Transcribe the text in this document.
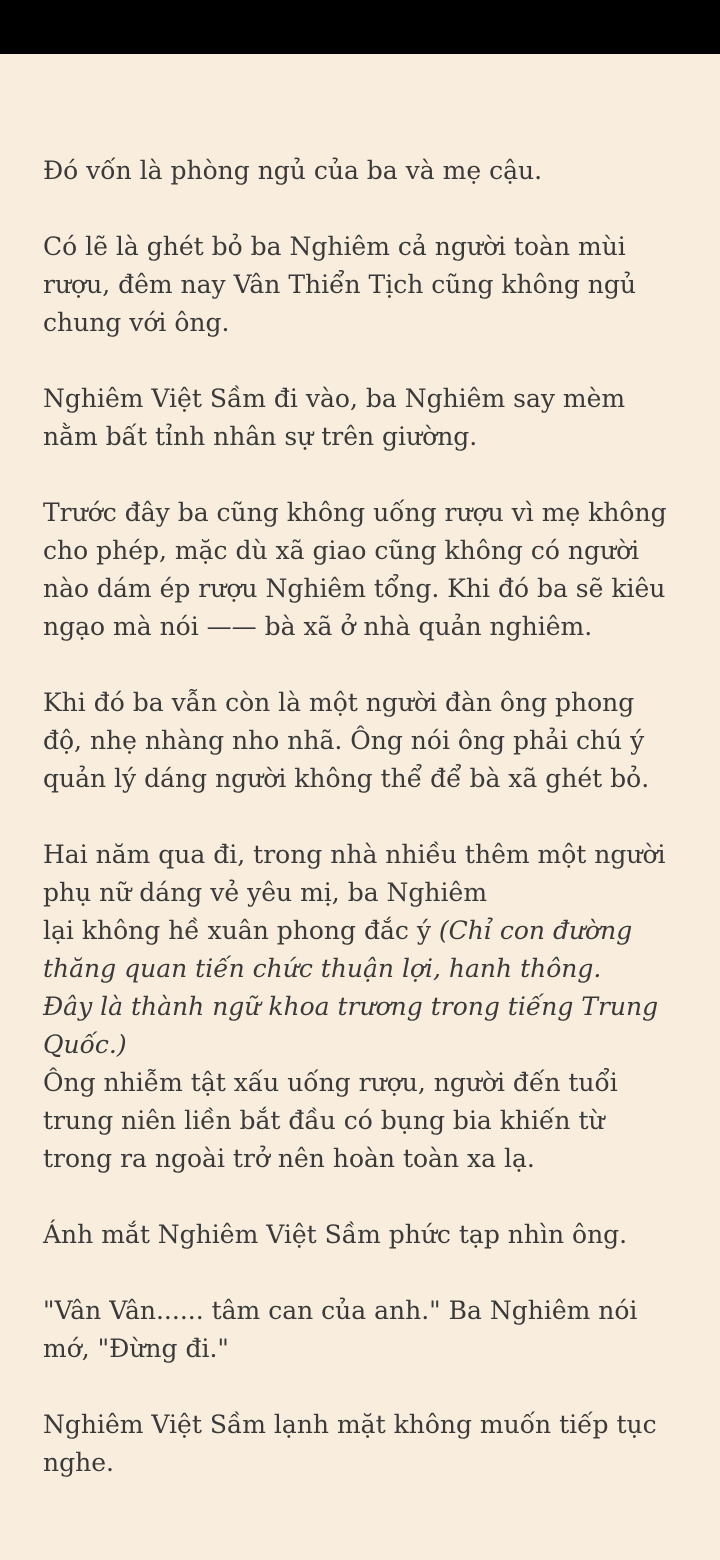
Đó vốn là phòng ngủ của ba và mẹ cậu.

Có lẽ là ghét bỏ ba Nghiêm cả người toàn mùi rượu, đêm nay Vân Thiển Tịch cũng không ngủ chung với ông.

Nghiêm Việt Sầm đi vào, ba Nghiêm say mèm nằm bất tỉnh nhân sự trên giường.

Trước đây ba cũng không uống rượu vì mẹ không cho phép, mặc dù xã giao cũng không có người nào dám ép rượu Nghiêm tổng. Khi đó ba sẽ kiêu ngạo mà nói —— bà xã ở nhà quản nghiêm.

Khi đó ba vẫn còn là một người đàn ông phong độ, nhẹ nhàng nho nhã. Ông nói ông phải chú ý quản lý dáng người không thể để bà xã ghét bỏ.

Hai năm qua đi, trong nhà nhiều thêm một người phụ nữ dáng vẻ yêu mị, ba Nghiêm
lại không hề xuân phong đắc ý (Chỉ con đường thăng quan tiến chức thuận lợi, hanh thông.
Đây là thành ngữ khoa trương trong tiếng Trung Quốc.)
Ông nhiễm tật xấu uống rượu, người đến tuổi trung niên liền bắt đầu có bụng bia khiến từ trong ra ngoài trở nên hoàn toàn xa lạ.

Ánh mắt Nghiêm Việt Sầm phức tạp nhìn ông.

"Vân Vân...... tâm can của anh." Ba Nghiêm nói mớ, "Đừng đi."

Nghiêm Việt Sầm lạnh mặt không muốn tiếp tục nghe.
